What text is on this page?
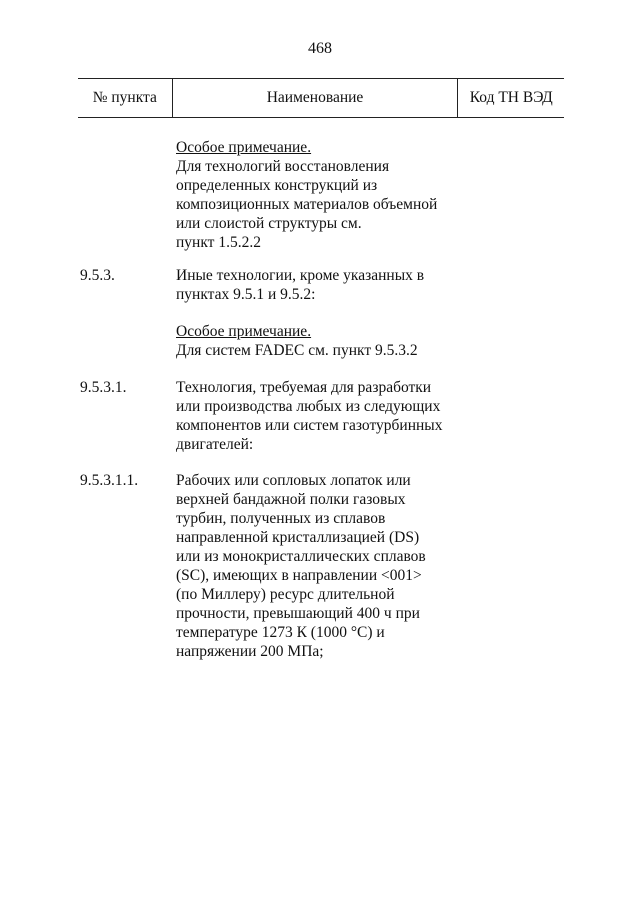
468
№ пункта	Наименование	Код ТН ВЭД
Особое примечание.
Для технологий восстановления
определенных конструкций из
композиционных материалов объемной
или слоистой структуры см.
пункт 1.5.2.2
9.5.3.	Иные технологии, кроме указанных в
пунктах 9.5.1 и 9.5.2:
Особое примечание.
Для систем FADEC см. пункт 9.5.3.2
9.5.3.1.	Технология, требуемая для разработки
или производства любых из следующих
компонентов или систем газотурбинных
двигателей:
9.5.3.1.1. Рабочих или сопловых лопаток или
верхней бандажной полки газовых
турбин, полученных из сплавов
направленной кристаллизацией (DS)
или из монокристаллических сплавов
(SC), имеющих в направлении <001>
(по Миллеру) ресурс длительной
прочности, превышающий 400 ч при
температуре 1273 К (1000 °C) и
напряжении 200 МПа;
